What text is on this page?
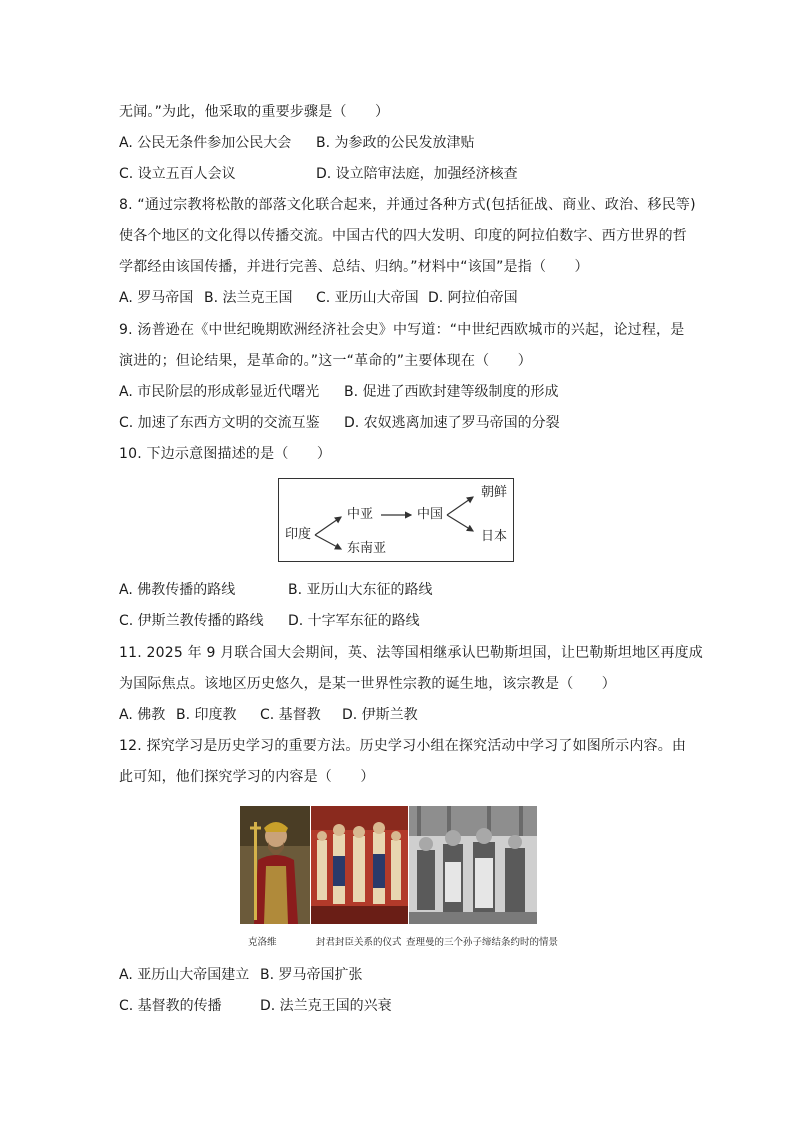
无闻。”为此，他采取的重要步骤是（　　）
A. 公民无条件参加公民大会 B. 为参政的公民发放津贴
C. 设立五百人会议	D. 设立陪审法庭，加强经济核查
8. “通过宗教将松散的部落文化联合起来，并通过各种方式(包括征战、商业、政治、移民等)
使各个地区的文化得以传播交流。中国古代的四大发明、印度的阿拉伯数字、西方世界的哲
学都经由该国传播，并进行完善、总结、归纳。”材料中“该国”是指（　　）
A. 罗马帝国 B. 法兰克王国 C. 亚历山大帝国 D. 阿拉伯帝国
9. 汤普逊在《中世纪晚期欧洲经济社会史》中写道：“中世纪西欧城市的兴起，论过程，是
演进的；但论结果，是革命的。”这一“革命的”主要体现在（　　）
A. 市民阶层的形成彰显近代曙光 B. 促进了西欧封建等级制度的形成
C. 加速了东西方文明的交流互鉴 D. 农奴逃离加速了罗马帝国的分裂
10. 下边示意图描述的是（　　）
印度
中亚
东南亚
中国
朝鲜
日本
A. 佛教传播的路线	B. 亚历山大东征的路线
C. 伊斯兰教传播的路线 D. 十字军东征的路线
11. 2025 年 9 月联合国大会期间，英、法等国相继承认巴勒斯坦国，让巴勒斯坦地区再度成
为国际焦点。该地区历史悠久，是某一世界性宗教的诞生地，该宗教是（　　）
A. 佛教 B. 印度教 C. 基督教 D. 伊斯兰教
12. 探究学习是历史学习的重要方法。历史学习小组在探究活动中学习了如图所示内容。由
此可知，他们探究学习的内容是（　　）
克洛维	封君封臣关系的仪式 查理曼的三个孙子缔结条约时的情景
A. 亚历山大帝国建立 B. 罗马帝国扩张
C. 基督教的传播	D. 法兰克王国的兴衰
